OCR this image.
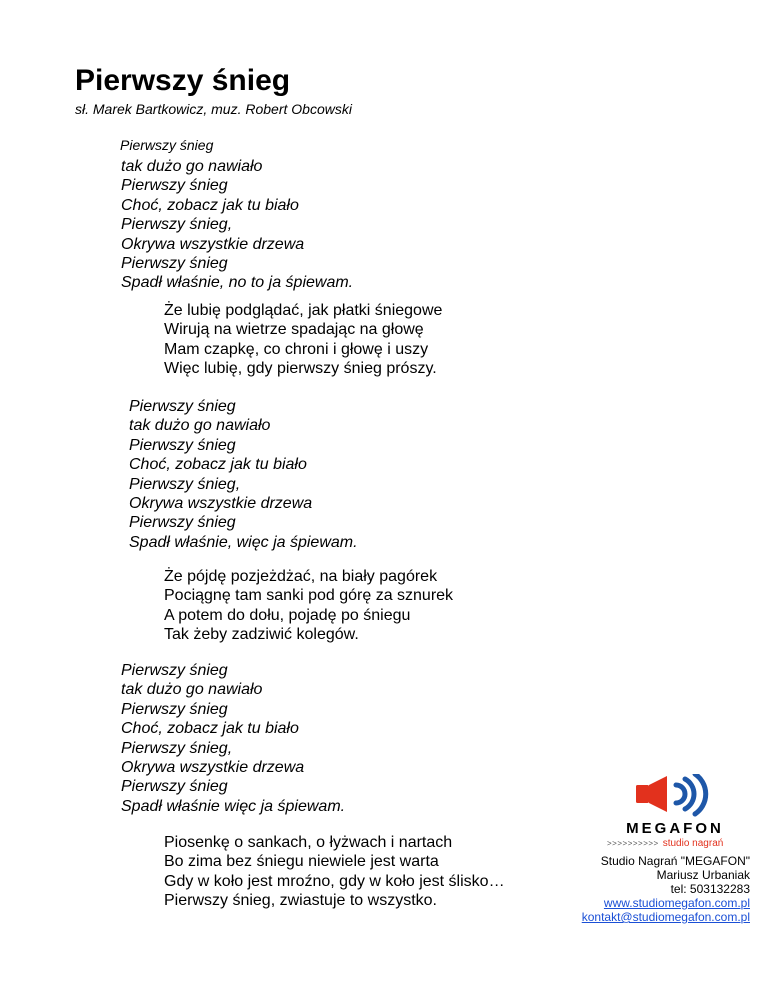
Pierwszy śnieg
sł. Marek Bartkowicz, muz. Robert Obcowski
Pierwszy śnieg
tak dużo go nawiało
Pierwszy śnieg
Choć, zobacz jak tu biało
Pierwszy śnieg,
Okrywa wszystkie drzewa
Pierwszy śnieg
Spadł właśnie, no to ja śpiewam.
Że lubię podglądać, jak płatki śniegowe
Wirują na wietrze spadając na głowę
Mam czapkę, co chroni i głowę i uszy
Więc lubię, gdy pierwszy śnieg prószy.
Pierwszy śnieg
tak dużo go nawiało
Pierwszy śnieg
Choć, zobacz jak tu biało
Pierwszy śnieg,
Okrywa wszystkie drzewa
Pierwszy śnieg
Spadł właśnie, więc ja śpiewam.
Że pójdę pozjeżdżać, na biały pagórek
Pociągnę tam sanki pod górę za sznurek
A potem do dołu, pojadę po śniegu
Tak żeby zadziwić kolegów.
Pierwszy śnieg
tak dużo go nawiało
Pierwszy śnieg
Choć, zobacz jak tu biało
Pierwszy śnieg,
Okrywa wszystkie drzewa
Pierwszy śnieg
Spadł właśnie więc ja śpiewam.
Piosenkę o sankach, o łyżwach i nartach
Bo zima bez śniegu niewiele jest warta
Gdy w koło jest mroźno, gdy w koło jest ślisko…
Pierwszy śnieg, zwiastuje to wszystko.
MEGAFON
>>>>>>>>>> studio nagrań
Studio Nagrań "MEGAFON"
Mariusz Urbaniak
tel: 503132283
www.studiomegafon.com.pl
kontakt@studiomegafon.com.pl
